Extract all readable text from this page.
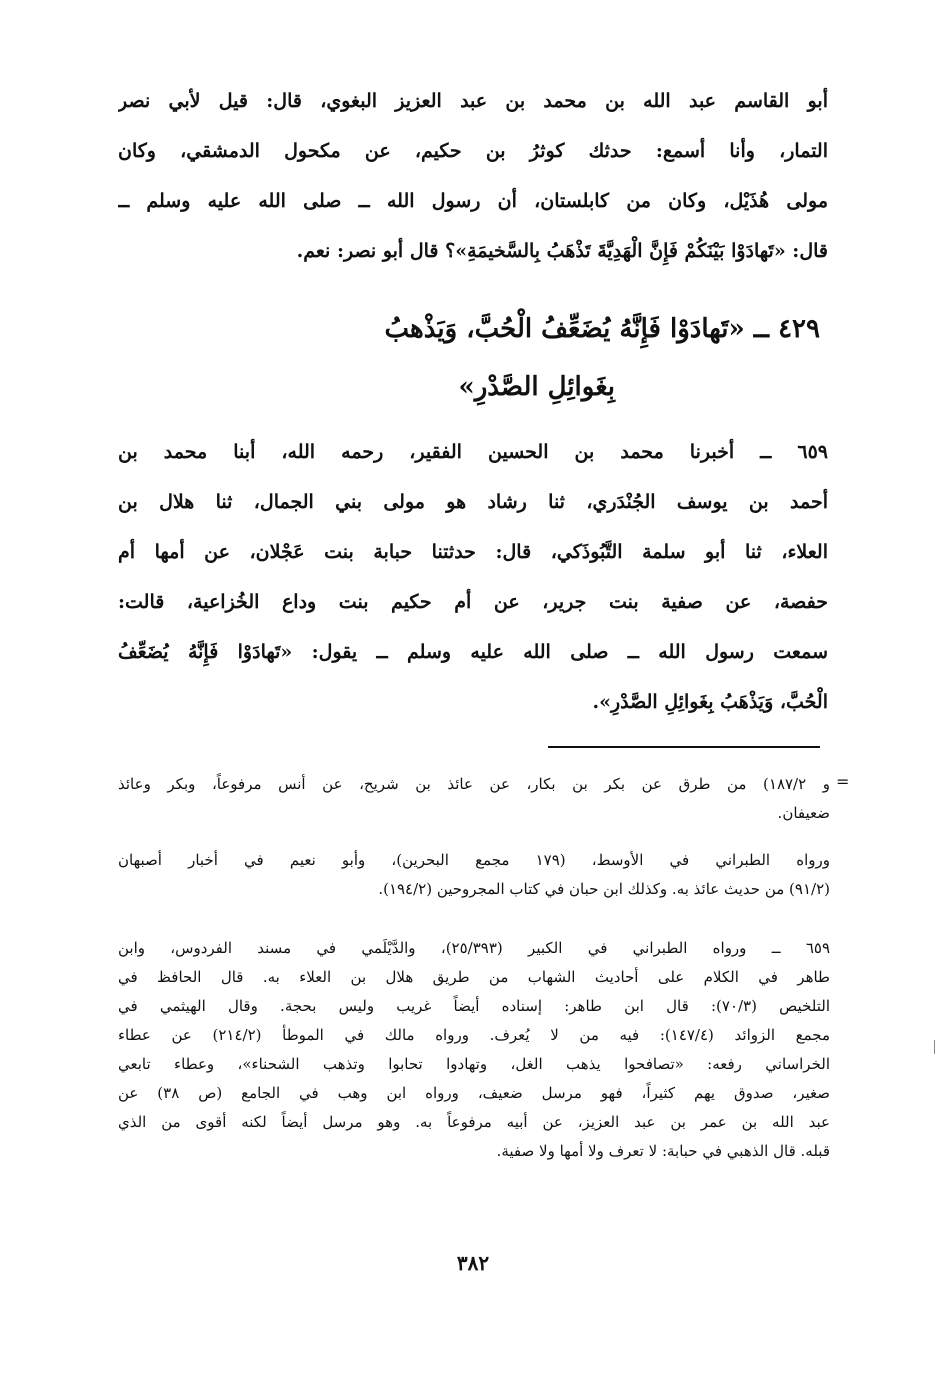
أبو القاسم عبد الله بن محمد بن عبد العزيز البغوي، قال: قيل لأبي نصر
التمار، وأنا أسمع: حدثك كوثرُ بن حكيم، عن مكحول الدمشقي، وكان
مولى هُذَيْل، وكان من كابلستان، أن رسول الله ــ صلى الله عليه وسلم ــ
قال: «تَهادَوْا بَيْنَكُمْ فَإِنَّ الْهَدِيَّةَ تَذْهَبُ بِالسَّخيمَةِ»؟ قال أبو نصر: نعم.
٤٢٩ ــ «تَهادَوْا فَإِنَّهُ يُضَعِّفُ الْحُبَّ، وَيَذْهبُ
بِغَوائِلِ الصَّدْرِ»
٦٥٩ ــ أخبرنا محمد بن الحسين الفقير، رحمه الله، أبنا محمد بن
أحمد بن يوسف الجُنْدَري، ثنا رشاد هو مولى بني الجمال، ثنا هلال بن
العلاء، ثنا أبو سلمة التَّبُوذَكي، قال: حدثتنا حبابة بنت عَجْلان، عن أمها أم
حفصة، عن صفية بنت جرير، عن أم حكيم بنت وداع الخُزاعية، قالت:
سمعت رسول الله ــ صلى الله عليه وسلم ــ يقول: «تَهادَوْا فَإِنَّهُ يُضَعِّفُ
الْحُبَّ، وَيَذْهَبُ بِغَوائِلِ الصَّدْرِ».
=
و ١٨٧/٢) من طرق عن بكر بن بكار، عن عائذ بن شريح، عن أنس مرفوعاً، وبكر وعائذ
ضعيفان.
ورواه الطبراني في الأوسط، (١٧٩ مجمع البحرين)، وأبو نعيم في أخبار أصبهان
(٩١/٢) من حديث عائذ به. وكذلك ابن حبان في كتاب المجروحين (١٩٤/٢).
٦٥٩ ــ ورواه الطبراني في الكبير (٢٥/٣٩٣)، والدَّيْلَمي في مسند الفردوس، وابن
طاهر في الكلام على أحاديث الشهاب من طريق هلال بن العلاء به. قال الحافظ في
التلخيص (٧٠/٣): قال ابن طاهر: إسناده أيضاً غريب وليس بحجة. وقال الهيثمي في
مجمع الزوائد (١٤٧/٤): فيه من لا يُعرف. ورواه مالك في الموطأ (٢١٤/٢) عن عطاء
الخراساني رفعه: «تصافحوا يذهب الغل، وتهادوا تحابوا وتذهب الشحناء»، وعطاء تابعي
صغير، صدوق يهم كثيراً، فهو مرسل ضعيف، ورواه ابن وهب في الجامع (ص ٣٨) عن
عبد الله بن عمر بن عبد العزيز، عن أبيه مرفوعاً به. وهو مرسل أيضاً لكنه أقوى من الذي
قبله. قال الذهبي في حبابة: لا تعرف ولا أمها ولا صفية.
٣٨٢
